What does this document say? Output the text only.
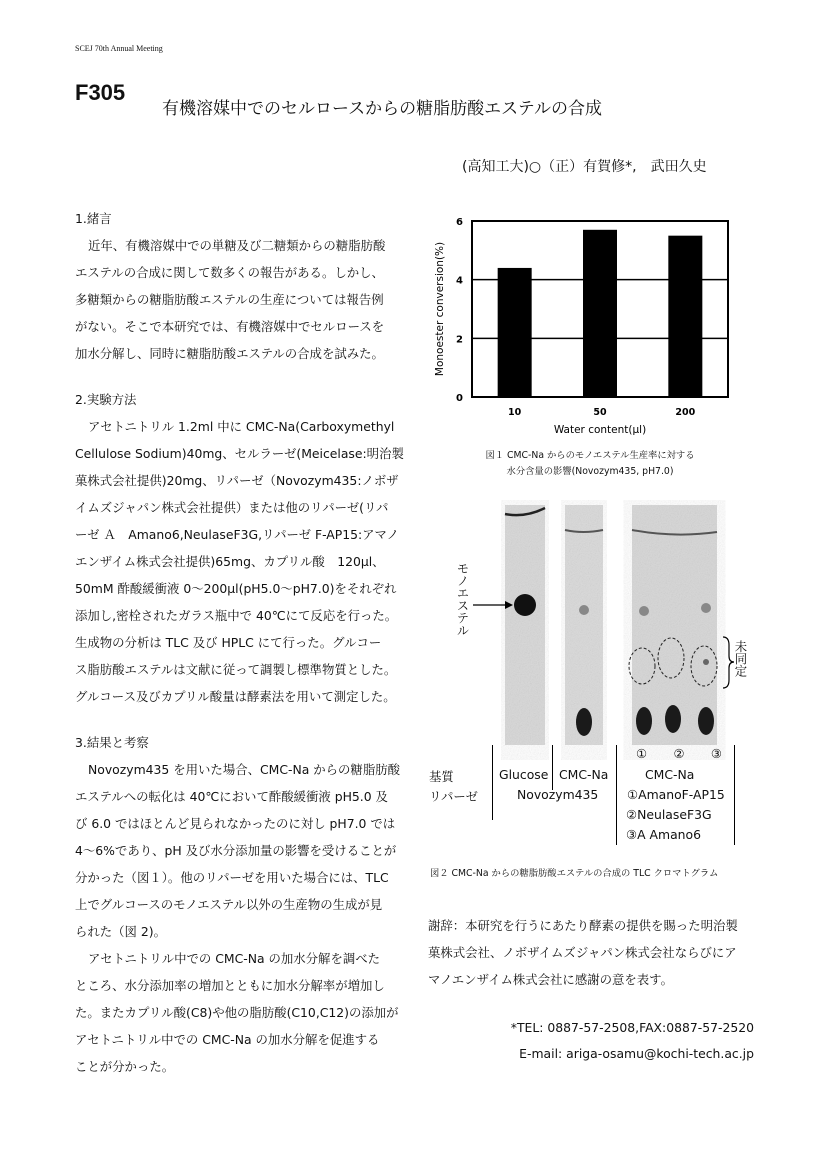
SCEJ 70th Annual Meeting
F305
有機溶媒中でのセルロースからの糖脂肪酸エステルの合成
(高知工大)○（正）有賀修*,　武田久史

1.緒言

近年、有機溶媒中での単糖及び二糖類からの糖脂肪酸

エステルの合成に関して数多くの報告がある。しかし、

多糖類からの糖脂肪酸エステルの生産については報告例

がない。そこで本研究では、有機溶媒中でセルロースを

加水分解し、同時に糖脂肪酸エステルの合成を試みた。

2.実験方法

アセトニトリル 1.2ml 中に CMC-Na(Carboxymethyl

Cellulose Sodium)40mg、セルラーゼ(Meicelase:明治製

菓株式会社提供)20mg、リパーゼ（Novozym435:ノボザ

イムズジャパン株式会社提供）または他のリパーゼ(リパ

ーゼ Ａ　Amano6,NeulaseF3G,リパーゼ F-AP15:アマノ

エンザイム株式会社提供)65mg、カプリル酸　120μl、

50mM 酢酸緩衝液 0～200μl(pH5.0～pH7.0)をそれぞれ

添加し,密栓されたガラス瓶中で 40℃にて反応を行った。

生成物の分析は TLC 及び HPLC にて行った。グルコー

ス脂肪酸エステルは文献に従って調製し標準物質とした。

グルコース及びカプリル酸量は酵素法を用いて測定した。

3.結果と考察

Novozym435 を用いた場合、CMC-Na からの糖脂肪酸

エステルへの転化は 40℃において酢酸緩衝液 pH5.0 及

び 6.0 ではほとんど見られなかったのに対し pH7.0 では

4～6%であり、pH 及び水分添加量の影響を受けることが

分かった（図１）。他のリパーゼを用いた場合には、TLC

上でグルコースのモノエステル以外の生産物の生成が見

られた（図 2)。

アセトニトリル中での CMC-Na の加水分解を調べた

ところ、水分添加率の増加とともに加水分解率が増加し

た。またカプリル酸(C8)や他の脂肪酸(C10,C12)の添加が

アセトニトリル中での CMC-Na の加水分解を促進する

ことが分かった。

0
2
4
6
10	50	200
Water content(μl)
Monoester conversion(%)
図１ CMC-Na からのモノエステル生産率に対する
水分含量の影響(Novozym435, pH7.0)
モノエステル
未同定
① ② ③
基質
リパーゼ
Glucose CMC-Na	CMC-Na
Novozym435 ①AmanoF-AP15
②NeulaseF3G
③A Amano6
図２ CMC-Na からの糖脂肪酸エステルの合成の TLC クロマトグラム
謝辞：本研究を行うにあたり酵素の提供を賜った明治製
菓株式会社、ノボザイムズジャパン株式会社ならびにア
マノエンザイム株式会社に感謝の意を表す。
*TEL: 0887-57-2508,FAX:0887-57-2520
E-mail: ariga-osamu@kochi-tech.ac.jp
